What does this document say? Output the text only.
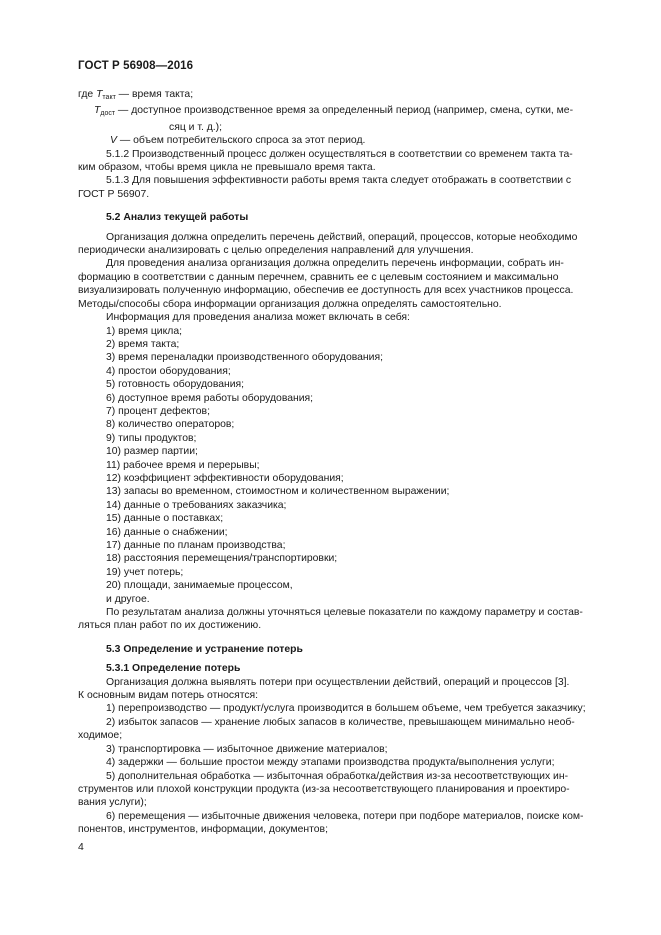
ГОСТ Р 56908—2016
где $T_{такт}$ — время такта;
$T_{дост}$ — доступное производственное время за определенный период (например, смена, сутки, ме-
сяц и т. д.);
V — объем потребительского спроса за этот период.
5.1.2 Производственный процесс должен осуществляться в соответствии со временем такта та-
ким образом, чтобы время цикла не превышало время такта.
5.1.3 Для повышения эффективности работы время такта следует отображать в соответствии с
ГОСТ Р 56907.
5.2 Анализ текущей работы
Организация должна определить перечень действий, операций, процессов, которые необходимо
периодически анализировать с целью определения направлений для улучшения.
Для проведения анализа организация должна определить перечень информации, собрать ин-
формацию в соответствии с данным перечнем, сравнить ее с целевым состоянием и максимально
визуализировать полученную информацию, обеспечив ее доступность для всех участников процесса.
Методы/способы сбора информации организация должна определять самостоятельно.
Информация для проведения анализа может включать в себя:
1) время цикла;
2) время такта;
3) время переналадки производственного оборудования;
4) простои оборудования;
5) готовность оборудования;
6) доступное время работы оборудования;
7) процент дефектов;
8) количество операторов;
9) типы продуктов;
10) размер партии;
11) рабочее время и перерывы;
12) коэффициент эффективности оборудования;
13) запасы во временном, стоимостном и количественном выражении;
14) данные о требованиях заказчика;
15) данные о поставках;
16) данные о снабжении;
17) данные по планам производства;
18) расстояния перемещения/транспортировки;
19) учет потерь;
20) площади, занимаемые процессом,
и другое.
По результатам анализа должны уточняться целевые показатели по каждому параметру и состав-
ляться план работ по их достижению.
5.3 Определение и устранение потерь
5.3.1 Определение потерь
Организация должна выявлять потери при осуществлении действий, операций и процессов [3].
К основным видам потерь относятся:
1) перепроизводство — продукт/услуга производится в большем объеме, чем требуется заказчику;
2) избыток запасов — хранение любых запасов в количестве, превышающем минимально необ-
ходимое;
3) транспортировка — избыточное движение материалов;
4) задержки — большие простои между этапами производства продукта/выполнения услуги;
5) дополнительная обработка — избыточная обработка/действия из-за несоответствующих ин-
струментов или плохой конструкции продукта (из-за несоответствующего планирования и проектиро-
вания услуги);
6) перемещения — избыточные движения человека, потери при подборе материалов, поиске ком-
понентов, инструментов, информации, документов;
4
